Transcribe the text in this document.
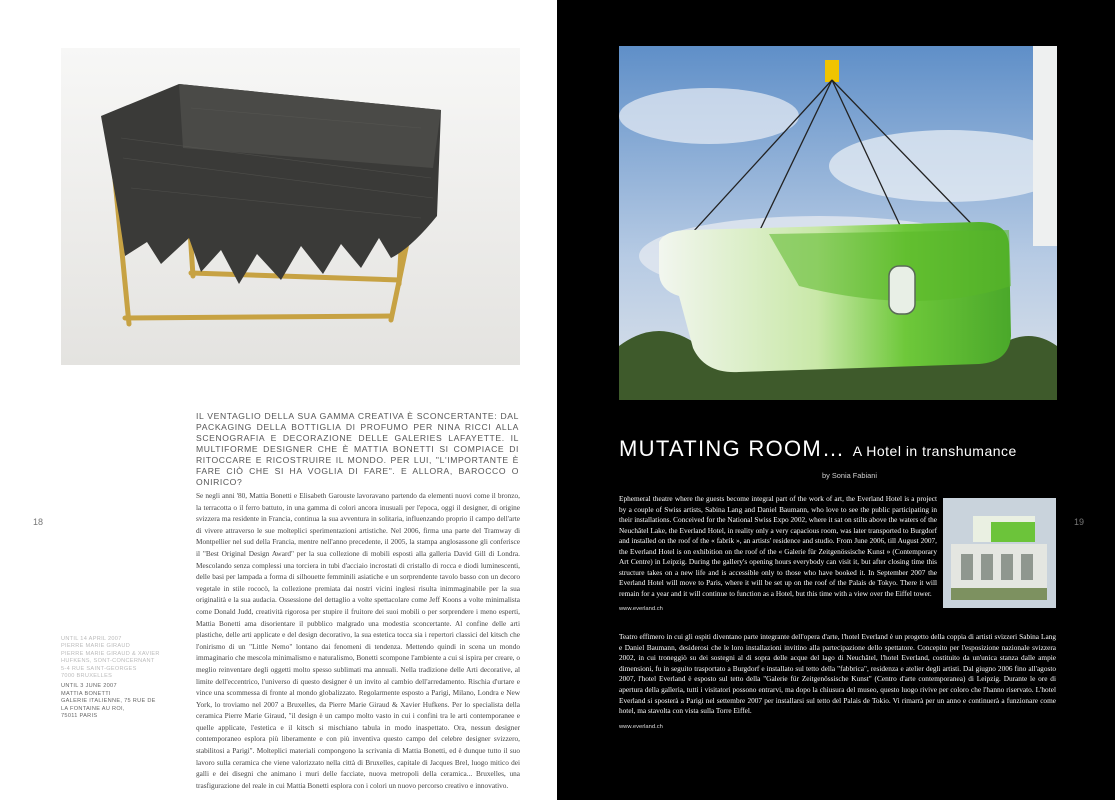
IL VENTAGLIO DELLA SUA GAMMA CREATIVA È SCONCERTANTE: DAL PACKAGING DELLA BOTTIGLIA DI PROFUMO PER NINA RICCI ALLA SCENOGRAFIA E DECORAZIONE DELLE GALERIES LAFAYETTE. IL MULTIFORME DESIGNER CHE È MATTIA BONETTI SI COMPIACE DI RITOCCARE E RICOSTRUIRE IL MONDO. PER LUI, "L'IMPORTANTE È FARE CIÒ CHE SI HA VOGLIA DI FARE". E ALLORA, BAROCCO O ONIRICO?

Se negli anni '80, Mattia Bonetti e Elisabeth Garouste lavoravano partendo da elementi nuovi come il bronzo, la terracotta o il ferro battuto, in una gamma di colori ancora inusuali per l'epoca, oggi il designer, di origine svizzera ma residente in Francia, continua la sua avventura in solitaria, influenzando proprio il campo dell'arte di vivere attraverso le sue molteplici sperimentazioni artistiche. Nel 2006, firma una parte del Tramway di Montpellier nel sud della Francia, mentre nell'anno precedente, il 2005, la stampa anglosassone gli conferisce il "Best Original Design Award" per la sua collezione di mobili esposti alla galleria David Gill di Londra. Mescolando senza complessi una torciera in tubi d'acciaio incrostati di cristallo di rocca e diodi luminescenti, delle basi per lampada a forma di silhouette femminili asiatiche e un sorprendente tavolo basso con un decoro vegetale in stile rococò, la collezione premiata dai nostri vicini inglesi risulta inimmaginabile per la sua originalità e la sua audacia. Ossessione del dettaglio a volte spettacolare come Jeff Koons a volte minimalista come Donald Judd, creatività rigorosa per stupire il fruitore dei suoi mobili o per sorprendere i meno esperti, Mattia Bonetti ama disorientare il pubblico malgrado una modestia sconcertante. Al confine delle arti plastiche, delle arti applicate e del design decorativo, la sua estetica tocca sia i repertori classici del kitsch che l'onirismo di un "Little Nemo" lontano dai fenomeni di tendenza. Mettendo quindi in scena un mondo immaginario che mescola minimalismo e naturalismo, Bonetti scompone l'ambiente a cui si ispira per creare, o meglio reinventare degli oggetti molto spesso sublimati ma annuali. Nella tradizione delle Arti decorative, al limite dell'eccentrico, l'universo di questo designer è un invito al cambio dell'arredamento. Rischia d'urtare e vince una scommessa di fronte al mondo globalizzato. Regolarmente esposto a Parigi, Milano, Londra e New York, lo troviamo nel 2007 a Bruxelles, da Pierre Marie Giraud & Xavier Hufkens. Per lo specialista della ceramica Pierre Marie Giraud, "il design è un campo molto vasto in cui i confini tra le arti contemporanee e quelle applicate, l'estetica e il kitsch si mischiano tabula in modo inaspettato. Ora, nessun designer contemporaneo esplora più liberamente e con più inventiva questo campo del celebre designer svizzero, stabilitosi a Parigi". Molteplici materiali compongono la scrivania di Mattia Bonetti, ed è dunque tutto il suo lavoro sulla ceramica che viene valorizzato nella città di Bruxelles, capitale di Jacques Brel, luogo mitico dei galli e dei disegni che animano i muri delle facciate, nuova metropoli della ceramica... Bruxelles, una trasfigurazione del reale in cui Mattia Bonetti esplora con i colori un nuovo percorso creativo e innovativo.

18
UNTIL 14 APRIL 2007
PIERRE MARIE GIRAUD
PIERRE MARIE GIRAUD & XAVIER
HUFKENS, SONT-CONCERNANT
5-4 RUE SAINT-GEORGES
7000 BRUXELLES
UNTIL 3 JUNE 2007
MATTIA BONETTI
GALERIE ITALIENNE, 75 RUE DE
LA FONTAINE AU ROI,
75011 PARIS
MUTATING ROOM… A Hotel in transhumance
by Sonia Fabiani

Ephemeral theatre where the guests become integral part of the work of art, the Everland Hotel is a project by a couple of Swiss artists, Sabina Lang and Daniel Baumann, who love to see the public participating in their installations. Conceived for the National Swiss Expo 2002, where it sat on stilts above the waters of the Neuchâtel Lake, the Everland Hotel, in reality only a very capacious room, was later transported to Burgdorf and installed on the roof of the « fabrik », an artists' residence and studio. From June 2006, till August 2007, the Everland Hotel is on exhibition on the roof of the « Galerie für Zeitgenössische Kunst » (Contemporary Art Centre) in Leipzig. During the gallery's opening hours everybody can visit it, but after closing time this structure takes on a new life and is accessible only to those who have booked it. In September 2007 the Everland Hotel will move to Paris, where it will be set up on the roof of the Palais de Tokyo. There it will remain for a year and it will continue to function as a Hotel, but this time with a view over the Eiffel tower.

www.everland.ch
19

Teatro effimero in cui gli ospiti diventano parte integrante dell'opera d'arte, l'hotel Everland è un progetto della coppia di artisti svizzeri Sabina Lang e Daniel Baumann, desiderosi che le loro installazioni invitino alla partecipazione dello spettatore. Concepito per l'esposizione nazionale svizzera 2002, in cui troneggiò su dei sostegni al di sopra delle acque del lago di Neuchâtel, l'hotel Everland, costituito da un'unica stanza dalle ampie dimensioni, fu in seguito trasportato a Burgdorf e installato sul tetto della "fabbrica", residenza e atelier degli artisti. Dal giugno 2006 fino all'agosto 2007, l'hotel Everland è esposto sul tetto della "Galerie für Zeitgenössische Kunst" (Centro d'arte contemporanea) di Leipzig. Durante le ore di apertura della galleria, tutti i visitatori possono entrarvi, ma dopo la chiusura del museo, questo luogo rivive per coloro che l'hanno riservato. L'hotel Everland si sposterà a Parigi nel settembre 2007 per installarsi sul tetto del Palais de Tokio. Vi rimarrà per un anno e continuerà a funzionare come hotel, ma stavolta con vista sulla Torre Eiffel.

www.everland.ch
